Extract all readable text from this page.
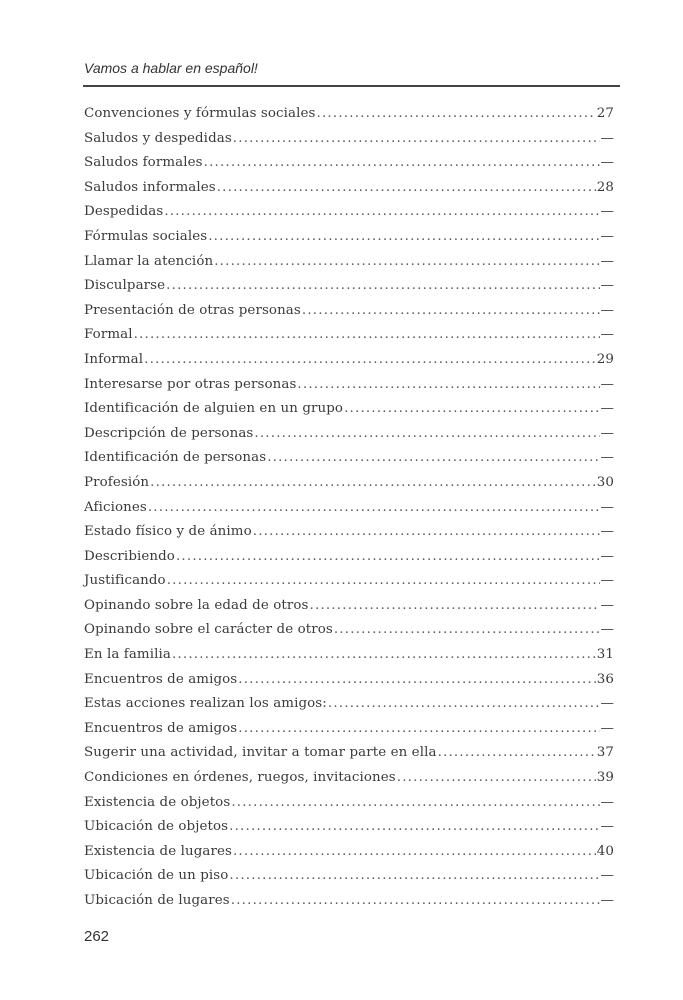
Vamos a hablar en español!
Convenciones y fórmulas sociales .....	27
Saludos y despedidas .....	—
Saludos formales .....	—
Saludos informales .....	28
Despedidas .....	—
Fórmulas sociales .....	—
Llamar la atención .....	—
Disculparse .....	—
Presentación de otras personas .....	—
Formal .....	—
Informal .....	29
Interesarse por otras personas .....	—
Identificación de alguien en un grupo .....	—
Descripción de personas .....	—
Identificación de personas .....	—
Profesión .....	30
Aficiones .....	—
Estado físico y de ánimo .....	—
Describiendo .....	—
Justificando .....	—
Opinando sobre la edad de otros .....	—
Opinando sobre el carácter de otros .....	—
En la familia .....	31
Encuentros de amigos .....	36
Estas acciones realizan los amigos: .....	—
Encuentros de amigos .....	—
Sugerir una actividad, invitar a tomar parte en ella .....	37
Condiciones en órdenes, ruegos, invitaciones .....	39
Existencia de objetos .....	—
Ubicación de objetos .....	—
Existencia de lugares .....	40
Ubicación de un piso .....	—
Ubicación de lugares .....	—
262
